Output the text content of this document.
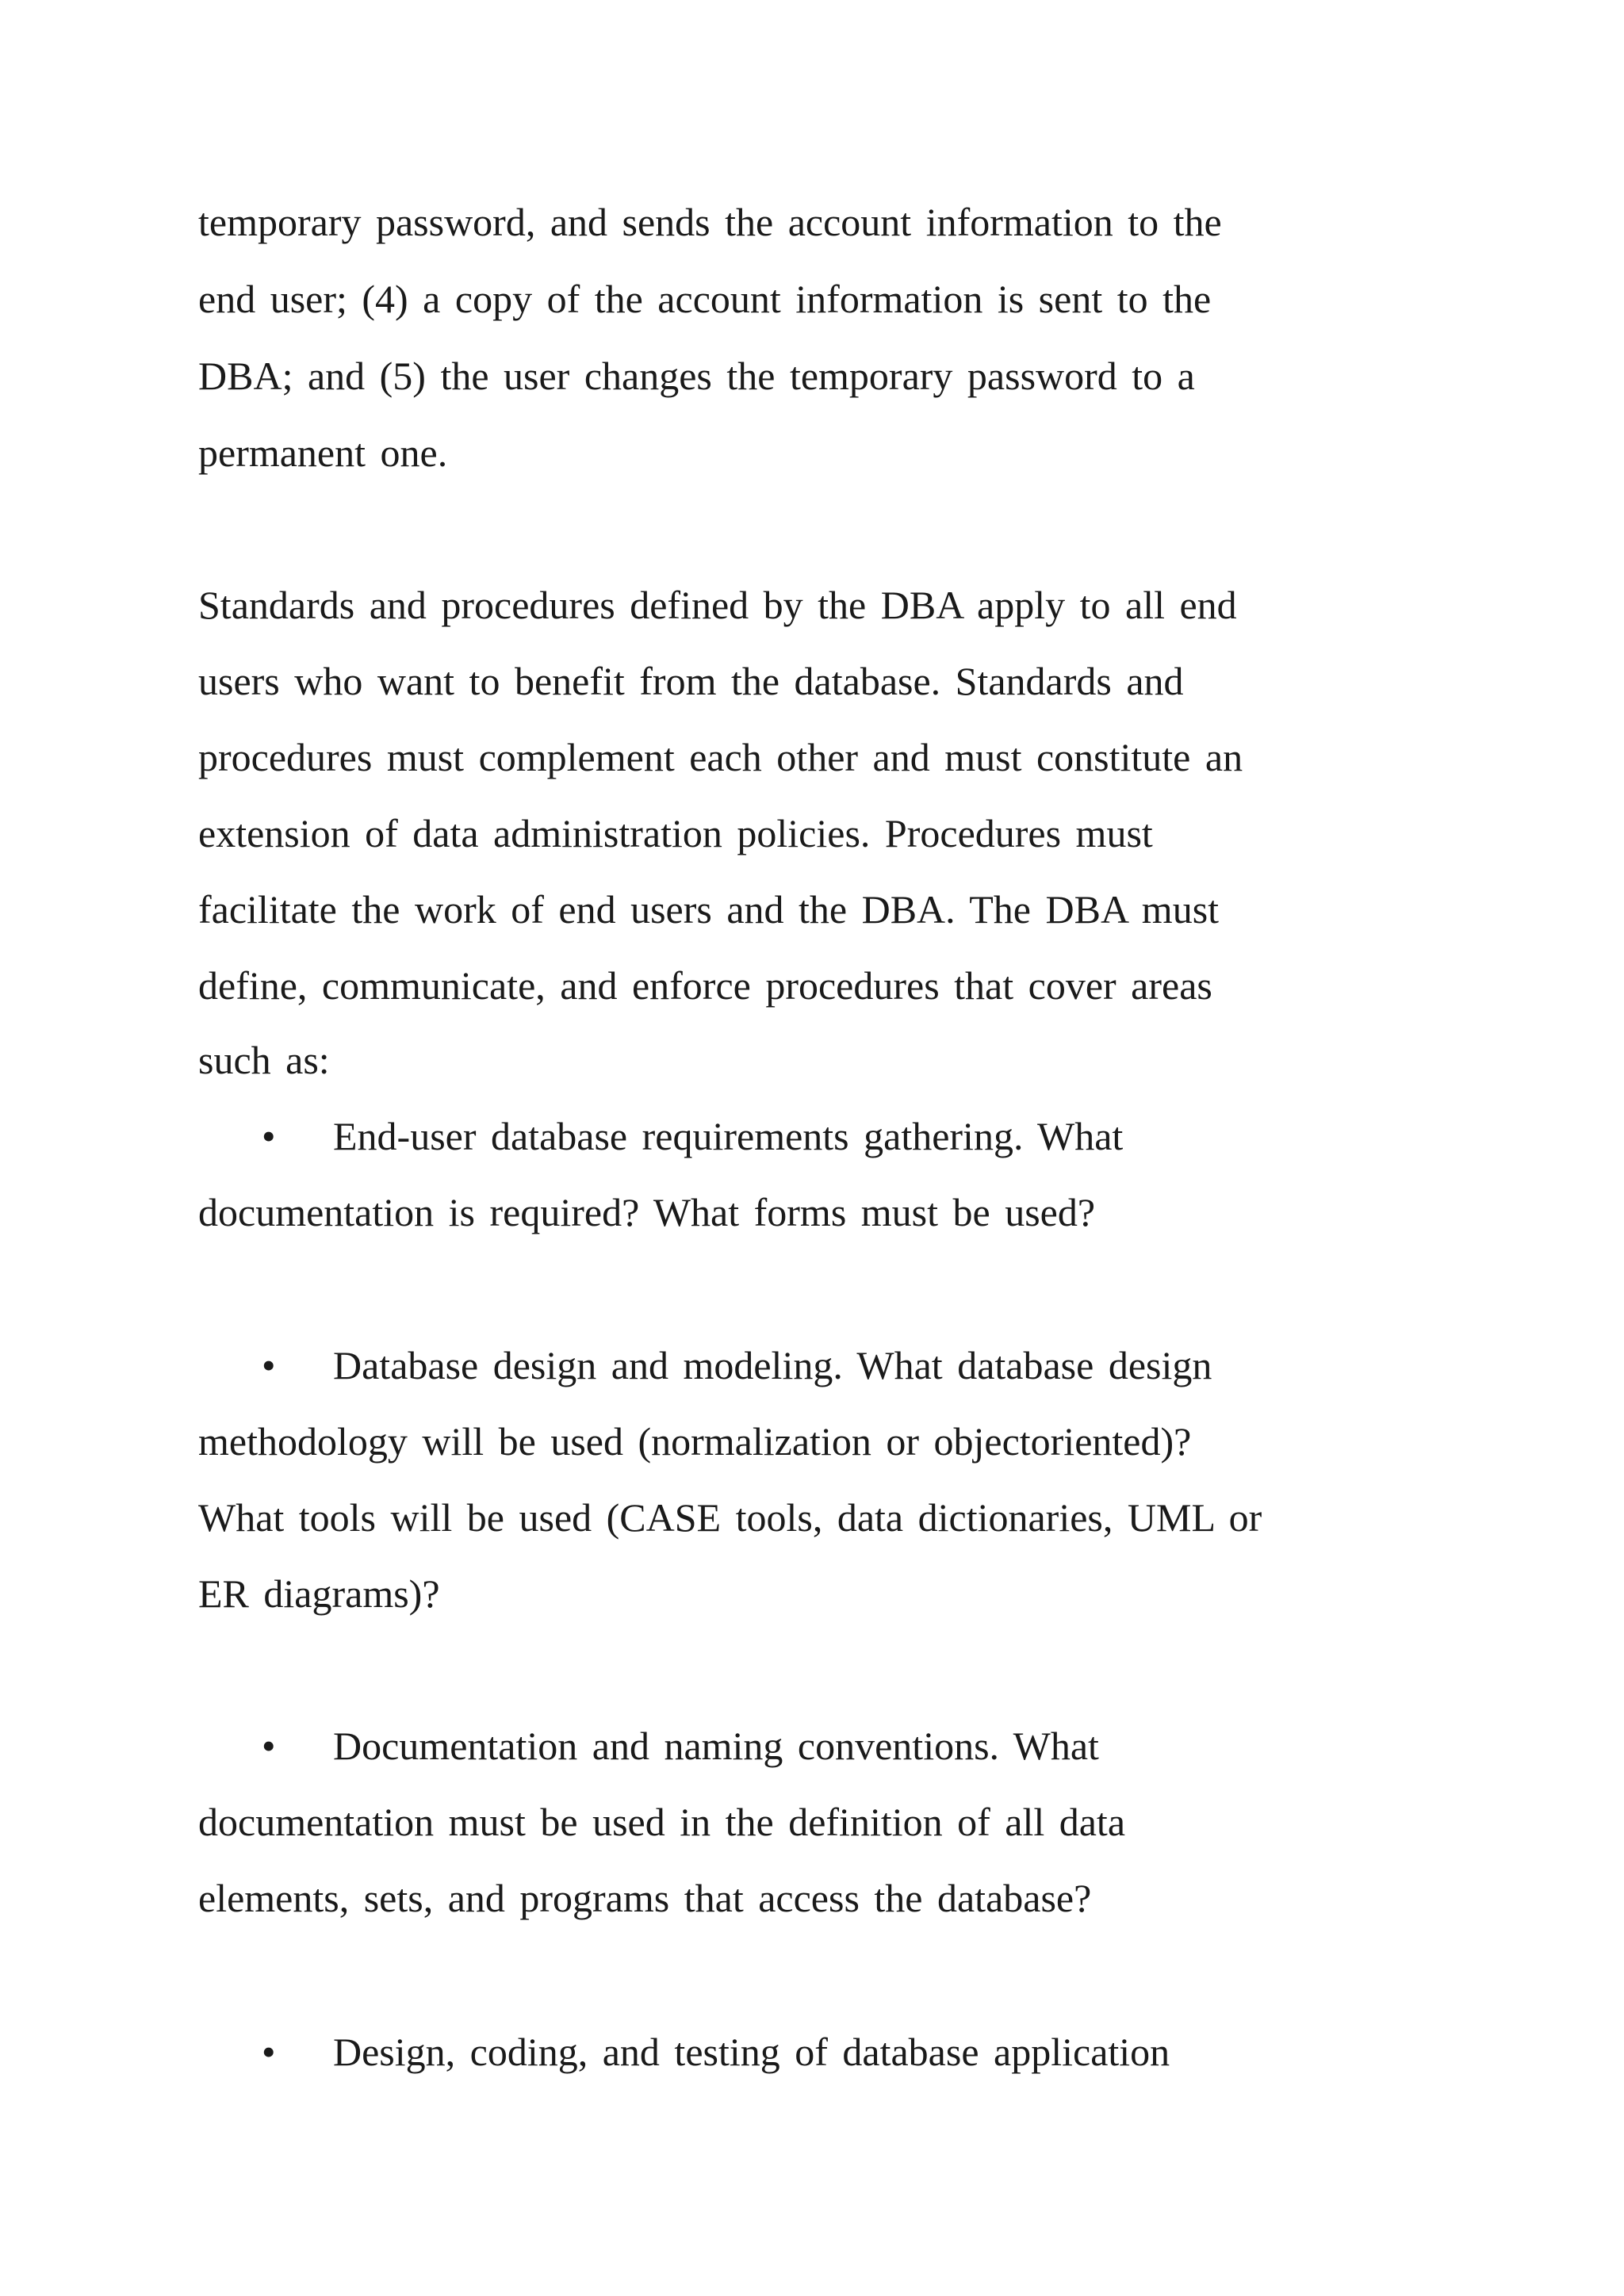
temporary password, and sends the account information to the
end user; (4) a copy of the account information is sent to the
DBA; and (5) the user changes the temporary password to a
permanent one.
Standards and procedures defined by the DBA apply to all end
users who want to benefit from the database. Standards and
procedures must complement each other and must constitute an
extension of data administration policies. Procedures must
facilitate the work of end users and the DBA. The DBA must
define, communicate, and enforce procedures that cover areas
such as:
• End-user database requirements gathering. What
documentation is required? What forms must be used?
• Database design and modeling. What database design
methodology will be used (normalization or objectoriented)?
What tools will be used (CASE tools, data dictionaries, UML or
ER diagrams)?
• Documentation and naming conventions. What
documentation must be used in the definition of all data
elements, sets, and programs that access the database?
• Design, coding, and testing of database application
